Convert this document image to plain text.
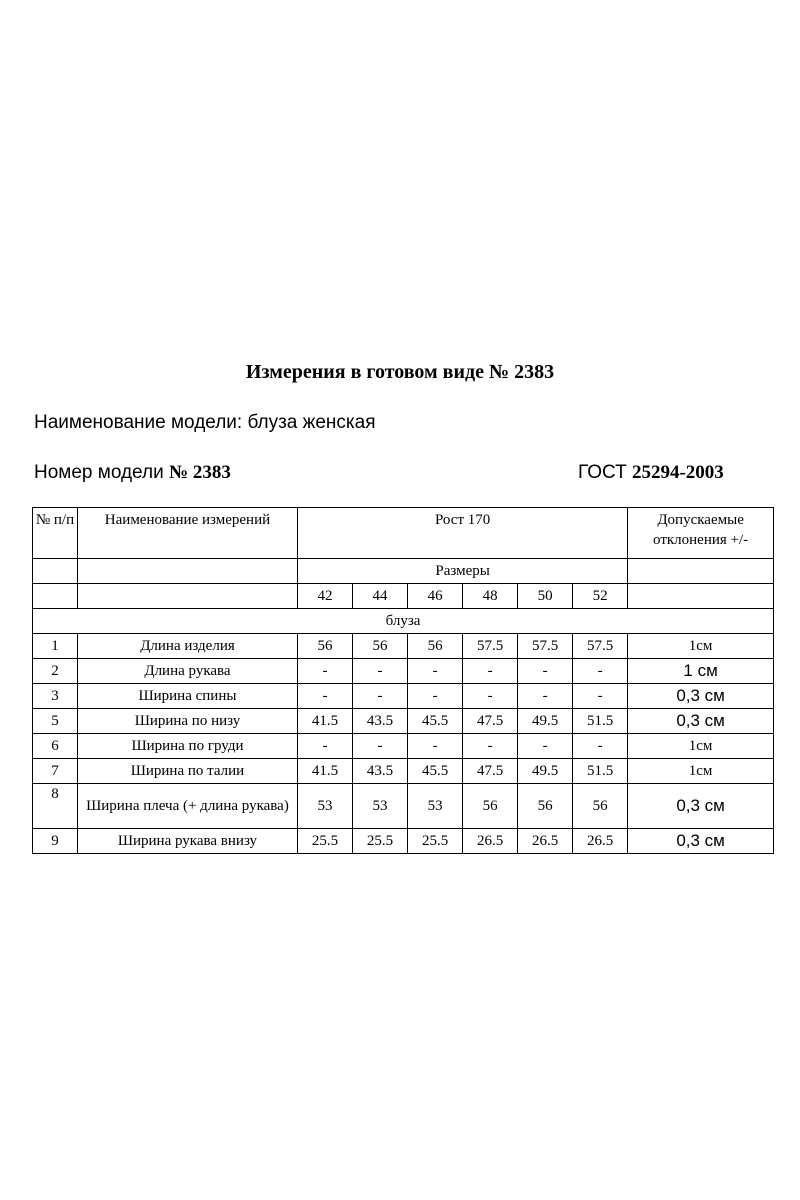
Измерения в готовом виде № 2383
Наименование модели: блуза женская
Номер модели № 2383	ГОСТ 25294-2003
№ п/п	Наименование измерений	Рост 170						Допускаемые отклонения +/-
		Размеры						
		42	44	46	48	50	52	
блуза								
1	Длина изделия	56	56	56	57.5	57.5	57.5	1см
2	Длина рукава	-	-	-	-	-	-	1 см
3	Ширина спины	-	-	-	-	-	-	0,3 см
5	Ширина по низу	41.5	43.5	45.5	47.5	49.5	51.5	0,3 см
6	Ширина по груди	-	-	-	-	-	-	1см
7	Ширина по талии	41.5	43.5	45.5	47.5	49.5	51.5	1см
8	Ширина плеча (+ длина рукава)	53	53	53	56	56	56	0,3 см
9	Ширина рукава внизу	25.5	25.5	25.5	26.5	26.5	26.5	0,3 см
